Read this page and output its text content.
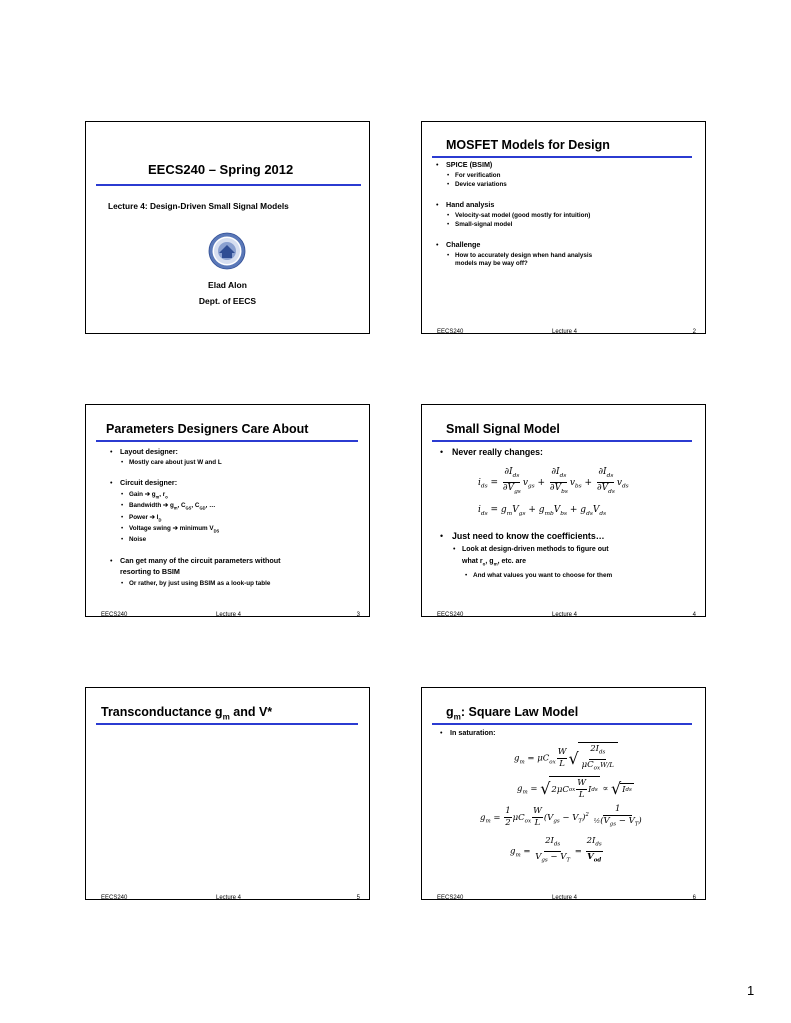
EECS240 – Spring 2012
Lecture 4: Design-Driven Small Signal Models
Elad Alon
Dept. of EECS
MOSFET Models for Design
• SPICE (BSIM)
• For verification
• Device variations
• Hand analysis
• Velocity-sat model (good mostly for intuition)
• Small-signal model
• Challenge
• How to accurately design when hand analysis
models may be way off?
EECS240	Lecture 4	2
Parameters Designers Care About
• Layout designer:
• Mostly care about just W and L
• Circuit designer:
• Gain ➔ $g_m$, $r_o$
• Bandwidth ➔ $g_m$, $C_{GS}$, $C_{GD}$, …
• Power ➔ $I_D$
• Voltage swing ➔ minimum $V_{DS}$
• Noise
• Can get many of the circuit parameters without
resorting to BSIM
• Or rather, by just using BSIM as a look-up table
EECS240	Lecture 4	3
Small Signal Model
• Never really changes:
$i_{ds} = \frac{\partial I_{ds}}{\partial V_{gs}} v_{gs} + \frac{\partial I_{ds}}{\partial V_{bs}} v_{bs} + \frac{\partial I_{ds}}{\partial V_{ds}} v_{ds}$
$i_{ds} = g_mV_{gs} + g_{mb}V_{bs} + g_{ds}V_{ds}$
• Just need to know the coefficients…
• Look at design-driven methods to figure out
what $r_o$, $g_m$, etc. are
• And what values you want to choose for them
EECS240	Lecture 4	4
Transconductance $g_m$ and V*
EECS240	Lecture 4	5
$g_m$: Square Law Model
• In saturation:
$g_m = \mu C_{ox} \frac{W}{L}$ √ $\frac{2I_{ds}}{\mu C_{ox}W/L}$
$g_m$ = √ 2μC ox $\frac{W}{L}$ I ds ∝ √ I ds
$g_m = \frac{1}{2} \mu C_{ox} \frac{W}{L} (V_{gs} - V_T)^2 \frac{1}{\frac{1}{2}(V_{gs} - V_T)}$
$g_m = \frac{2I_{ds}}{V_{gs} - V_T} = \frac{2I_{ds}}{V_{od}}$
EECS240	Lecture 4	6
1
